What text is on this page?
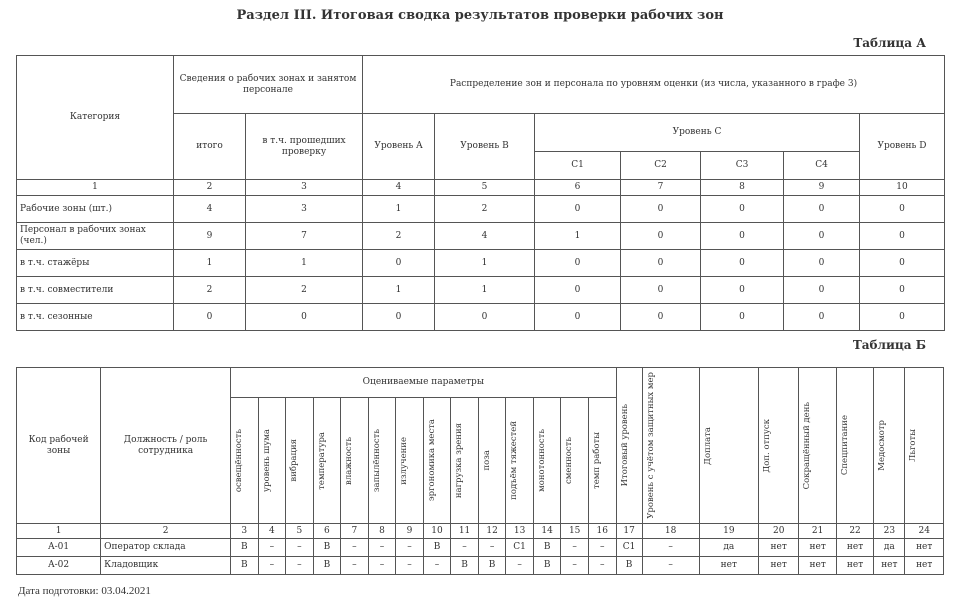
Раздел III. Итоговая сводка результатов проверки рабочих зон
Таблица А
Категория	Сведения о рабочих зонах и занятом персонале		Распределение зон и персонала по уровням оценки (из числа, указанного в графе 3)						
	итого	в т.ч. прошедших проверку	Уровень A	Уровень B	Уровень C				Уровень D
					C1	C2	C3	C4	
1	2	3	4	5	6	7	8	9	10
Рабочие зоны (шт.)	4	3	1	2	0	0	0	0	0
Персонал в рабочих зонах (чел.)	9	7	2	4	1	0	0	0	0
в т.ч. стажёры	1	1	0	1	0	0	0	0	0
в т.ч. совместители	2	2	1	1	0	0	0	0	0
в т.ч. сезонные	0	0	0	0	0	0	0	0	0
Таблица Б
Код рабочей зоны	Должность / роль сотрудника	Оцениваемые параметры														Итоговый уровень	Уровень с учётом защитных мер	Доплата	Доп. отпуск	Сокращённый день	Спецпитание	Медосмотр	Льготы

		освещённость	уровень шума	вибрация	температура	влажность	запылённость	излучение	эргономика места	нагрузка зрения	поза	подъём тяжестей	монотонность	сменность	темп работы								

1	2	3	4	5	6	7	8	9	10	11	12	13	14	15	16	17	18	19	20	21	22	23	24
A-01	Оператор склада	B	–	–	B	–	–	–	B	–	–	C1	B	–	–	C1	–	да	нет	нет	нет	да	нет
A-02	Кладовщик	B	–	–	B	–	–	–	–	B	B	–	B	–	–	B	–	нет	нет	нет	нет	нет	нет
Дата подготовки: 03.04.2021
